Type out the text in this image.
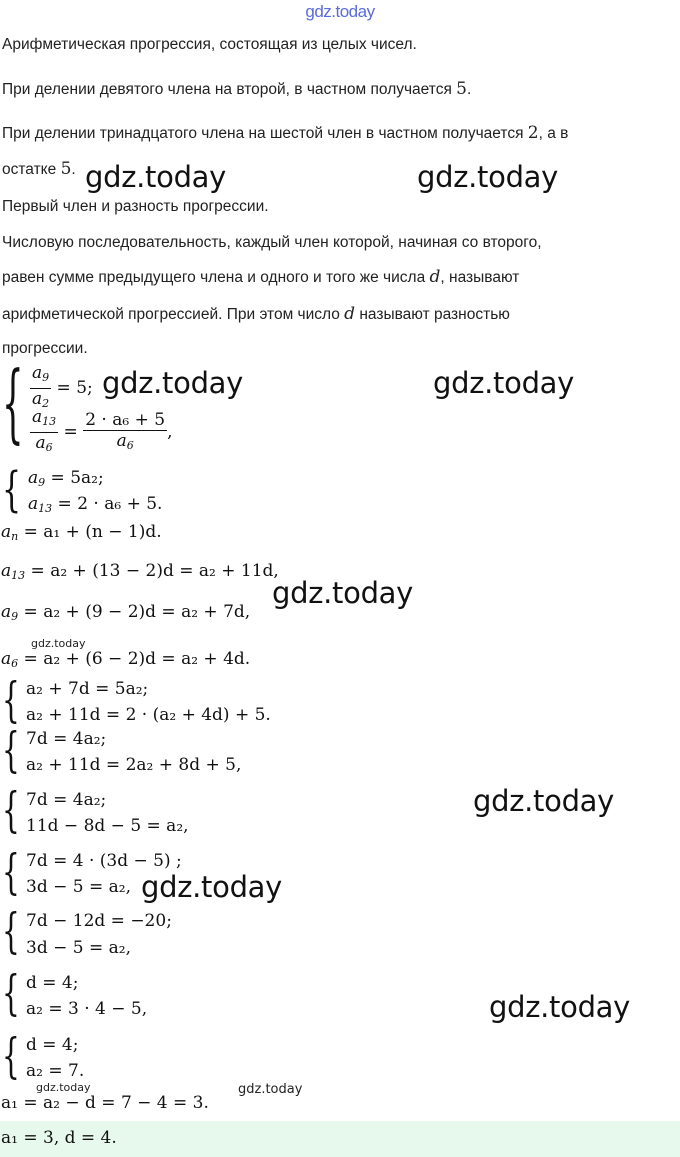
gdz.today
Арифметическая прогрессия, состоящая из целых чисел.
При делении девятого члена на второй, в частном получается 5.
При делении тринадцатого члена на шестой член в частном получается 2, а в
остатке 5.
Первый член и разность прогрессии.
Числовую последовательность, каждый член которой, начиная со второго,
равен сумме предыдущего члена и одного и того же числа d, называют
арифметической прогрессией. При этом число d называют разностью
прогрессии.
{ $\frac{a_9}{a_2} = 5$;
$\frac{a_{13}}{a_6} = \frac{\text{2 · a₆ + 5}}{a_6}$ ,
{ $a_9 = 5a_2$;
$a_{13} = 2 \cdot a_6 + 5$.
$a_n = a_1 + (n - 1)d$.
$a_{13} = a_2 + (13 - 2)d = a_2 + 11d$,
$a_9 = a_2 + (9 - 2)d = a_2 + 7d$,
$a_6 = a_2 + (6 - 2)d = a_2 + 4d$.
{ a₂ + 7d = 5a₂;
a₂ + 11d = 2 · (a₂ + 4d) + 5.
{ 7d = 4a₂;
a₂ + 11d = 2a₂ + 8d + 5,
{ 7d = 4a₂;
11d − 8d − 5 = a₂,
{ 7d = 4 · (3d − 5) ;
3d − 5 = a₂,
{ 7d − 12d = −20;
3d − 5 = a₂,
{ d = 4;
a₂ = 3 · 4 − 5,
{ d = 4;
a₂ = 7.
a₁ = a₂ − d = 7 − 4 = 3.
a₁ = 3, d = 4.
gdz.today	gdz.today
gdz.today	gdz.today
gdz.today
gdz.today
gdz.today
gdz.today
gdz.today
gdz.today	gdz.today
